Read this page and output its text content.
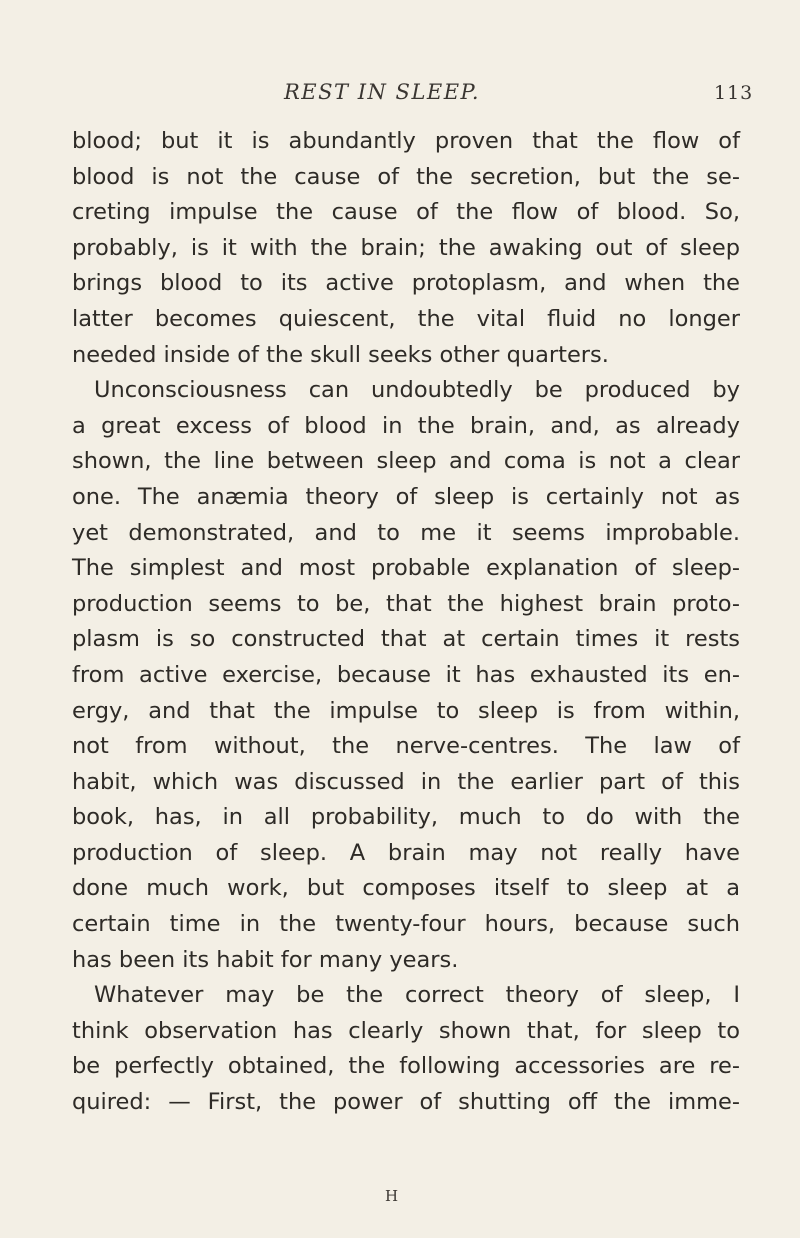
REST IN SLEEP.	113
blood; but it is abundantly proven that the flow of
blood is not the cause of the secretion, but the se-
creting impulse the cause of the flow of blood. So,
probably, is it with the brain; the awaking out of sleep
brings blood to its active protoplasm, and when the
latter becomes quiescent, the vital fluid no longer
needed inside of the skull seeks other quarters.
Unconsciousness can undoubtedly be produced by
a great excess of blood in the brain, and, as already
shown, the line between sleep and coma is not a clear
one. The anæmia theory of sleep is certainly not as
yet demonstrated, and to me it seems improbable.
The simplest and most probable explanation of sleep-
production seems to be, that the highest brain proto-
plasm is so constructed that at certain times it rests
from active exercise, because it has exhausted its en-
ergy, and that the impulse to sleep is from within,
not from without, the nerve-centres. The law of
habit, which was discussed in the earlier part of this
book, has, in all probability, much to do with the
production of sleep. A brain may not really have
done much work, but composes itself to sleep at a
certain time in the twenty-four hours, because such
has been its habit for many years.
Whatever may be the correct theory of sleep, I
think observation has clearly shown that, for sleep to
be perfectly obtained, the following accessories are re-
quired: — First, the power of shutting off the imme-
H
